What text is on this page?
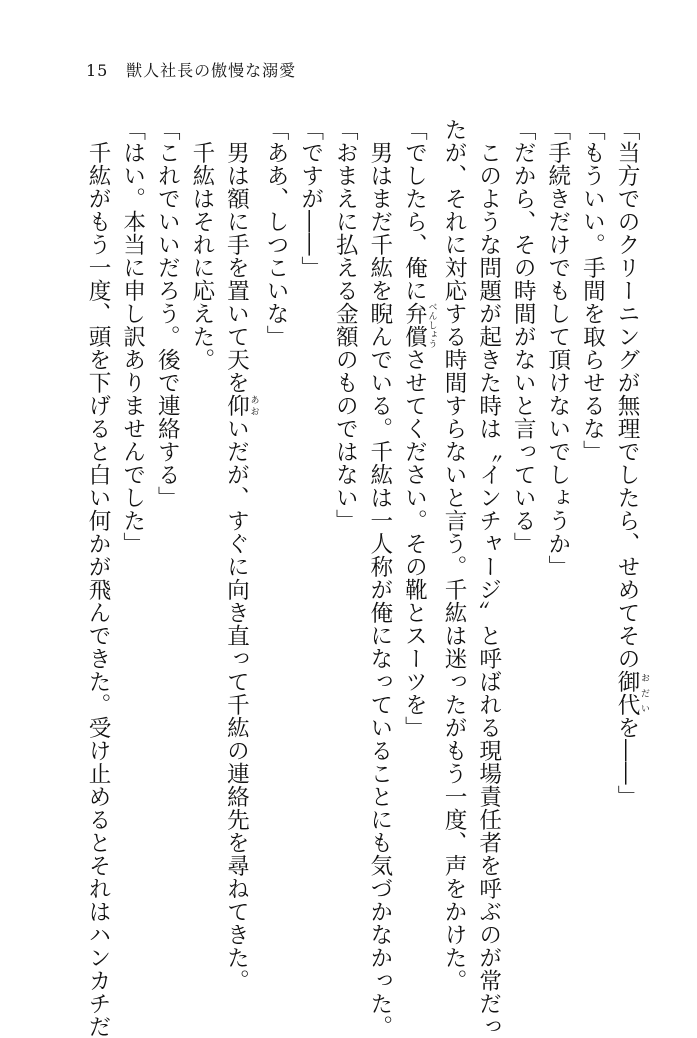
15 獣人社長の傲慢な溺愛
「当方でのクリーニングが無理でしたら、せめてその御代 おだいを――」
「もういい。手間を取らせるな」
「手続きだけでもして頂けないでしょうか」
「だから、その時間がないと言っている」
　このような問題が起きた時は〝インチャージ〟と呼ばれる現場責任者を呼ぶのが常だっ
たが、それに対応する時間すらないと言う。千紘は迷ったがもう一度、声をかけた。
「でしたら、俺に弁償 べんしょうさせてください。その靴とスーツを」
　男はまだ千紘を睨んでいる。千紘は一人称が俺になっていることにも気づかなかった。
「おまえに払える金額のものではない」
「ですが――」
「ああ、しつこいな」
　男は額に手を置いて天を仰 あおいだが、すぐに向き直って千紘の連絡先を尋ねてきた。
　千紘はそれに応えた。
「これでいいだろう。後で連絡する」
「はい。本当に申し訳ありませんでした」
　千紘がもう一度、頭を下げると白い何かが飛んできた。受け止めるとそれはハンカチだ
